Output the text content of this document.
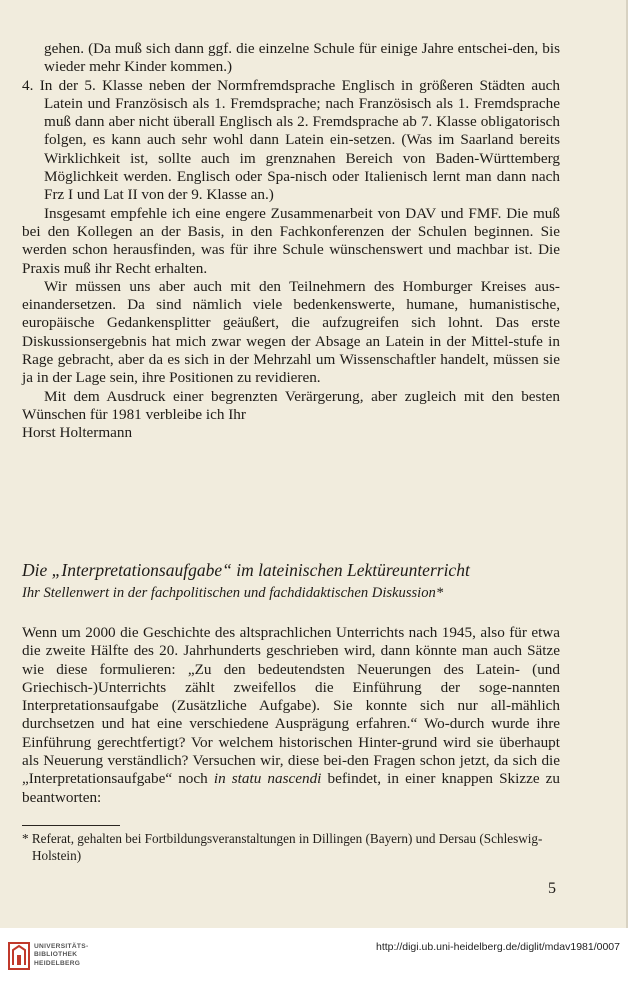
gehen. (Da muß sich dann ggf. die einzelne Schule für einige Jahre entschei-den, bis wieder mehr Kinder kommen.)

4. In der 5. Klasse neben der Normfremdsprache Englisch in größeren Städten auch Latein und Französisch als 1. Fremdsprache; nach Französisch als 1. Fremdsprache muß dann aber nicht überall Englisch als 2. Fremdsprache ab 7. Klasse obligatorisch folgen, es kann auch sehr wohl dann Latein ein-setzen. (Was im Saarland bereits Wirklichkeit ist, sollte auch im grenznahen Bereich von Baden-Württemberg Möglichkeit werden. Englisch oder Spa-nisch oder Italienisch lernt man dann nach Frz I und Lat II von der 9. Klasse an.)

Insgesamt empfehle ich eine engere Zusammenarbeit von DAV und FMF. Die muß bei den Kollegen an der Basis, in den Fachkonferenzen der Schulen beginnen. Sie werden schon herausfinden, was für ihre Schule wünschenswert und machbar ist. Die Praxis muß ihr Recht erhalten.

Wir müssen uns aber auch mit den Teilnehmern des Homburger Kreises aus-einandersetzen. Da sind nämlich viele bedenkenswerte, humane, humanistische, europäische Gedankensplitter geäußert, die aufzugreifen sich lohnt. Das erste Diskussionsergebnis hat mich zwar wegen der Absage an Latein in der Mittel-stufe in Rage gebracht, aber da es sich in der Mehrzahl um Wissenschaftler handelt, müssen sie ja in der Lage sein, ihre Positionen zu revidieren.

Mit dem Ausdruck einer begrenzten Verärgerung, aber zugleich mit den besten Wünschen für 1981 verbleibe ich Ihr

Horst Holtermann

Die „Interpretationsaufgabe“ im lateinischen Lektüreunterricht

Ihr Stellenwert in der fachpolitischen und fachdidaktischen Diskussion*

Wenn um 2000 die Geschichte des altsprachlichen Unterrichts nach 1945, also für etwa die zweite Hälfte des 20. Jahrhunderts geschrieben wird, dann könnte man auch Sätze wie diese formulieren: „Zu den bedeutendsten Neuerungen des Latein- (und Griechisch-)Unterrichts zählt zweifellos die Einführung der soge-nannten Interpretationsaufgabe (Zusätzliche Aufgabe). Sie konnte sich nur all-mählich durchsetzen und hat eine verschiedene Ausprägung erfahren.“ Wo-durch wurde ihre Einführung gerechtfertigt? Vor welchem historischen Hinter-grund wird sie überhaupt als Neuerung verständlich? Versuchen wir, diese bei-den Fragen schon jetzt, da sich die „Interpretationsaufgabe“ noch in statu nascendi befindet, in einer knappen Skizze zu beantworten:

* Referat, gehalten bei Fortbildungsveranstaltungen in Dillingen (Bayern) und Dersau (Schleswig-Holstein)

5
UNIVERSITÄTS-
BIBLIOTHEK
HEIDELBERG
http://digi.ub.uni-heidelberg.de/diglit/mdav1981/0007
